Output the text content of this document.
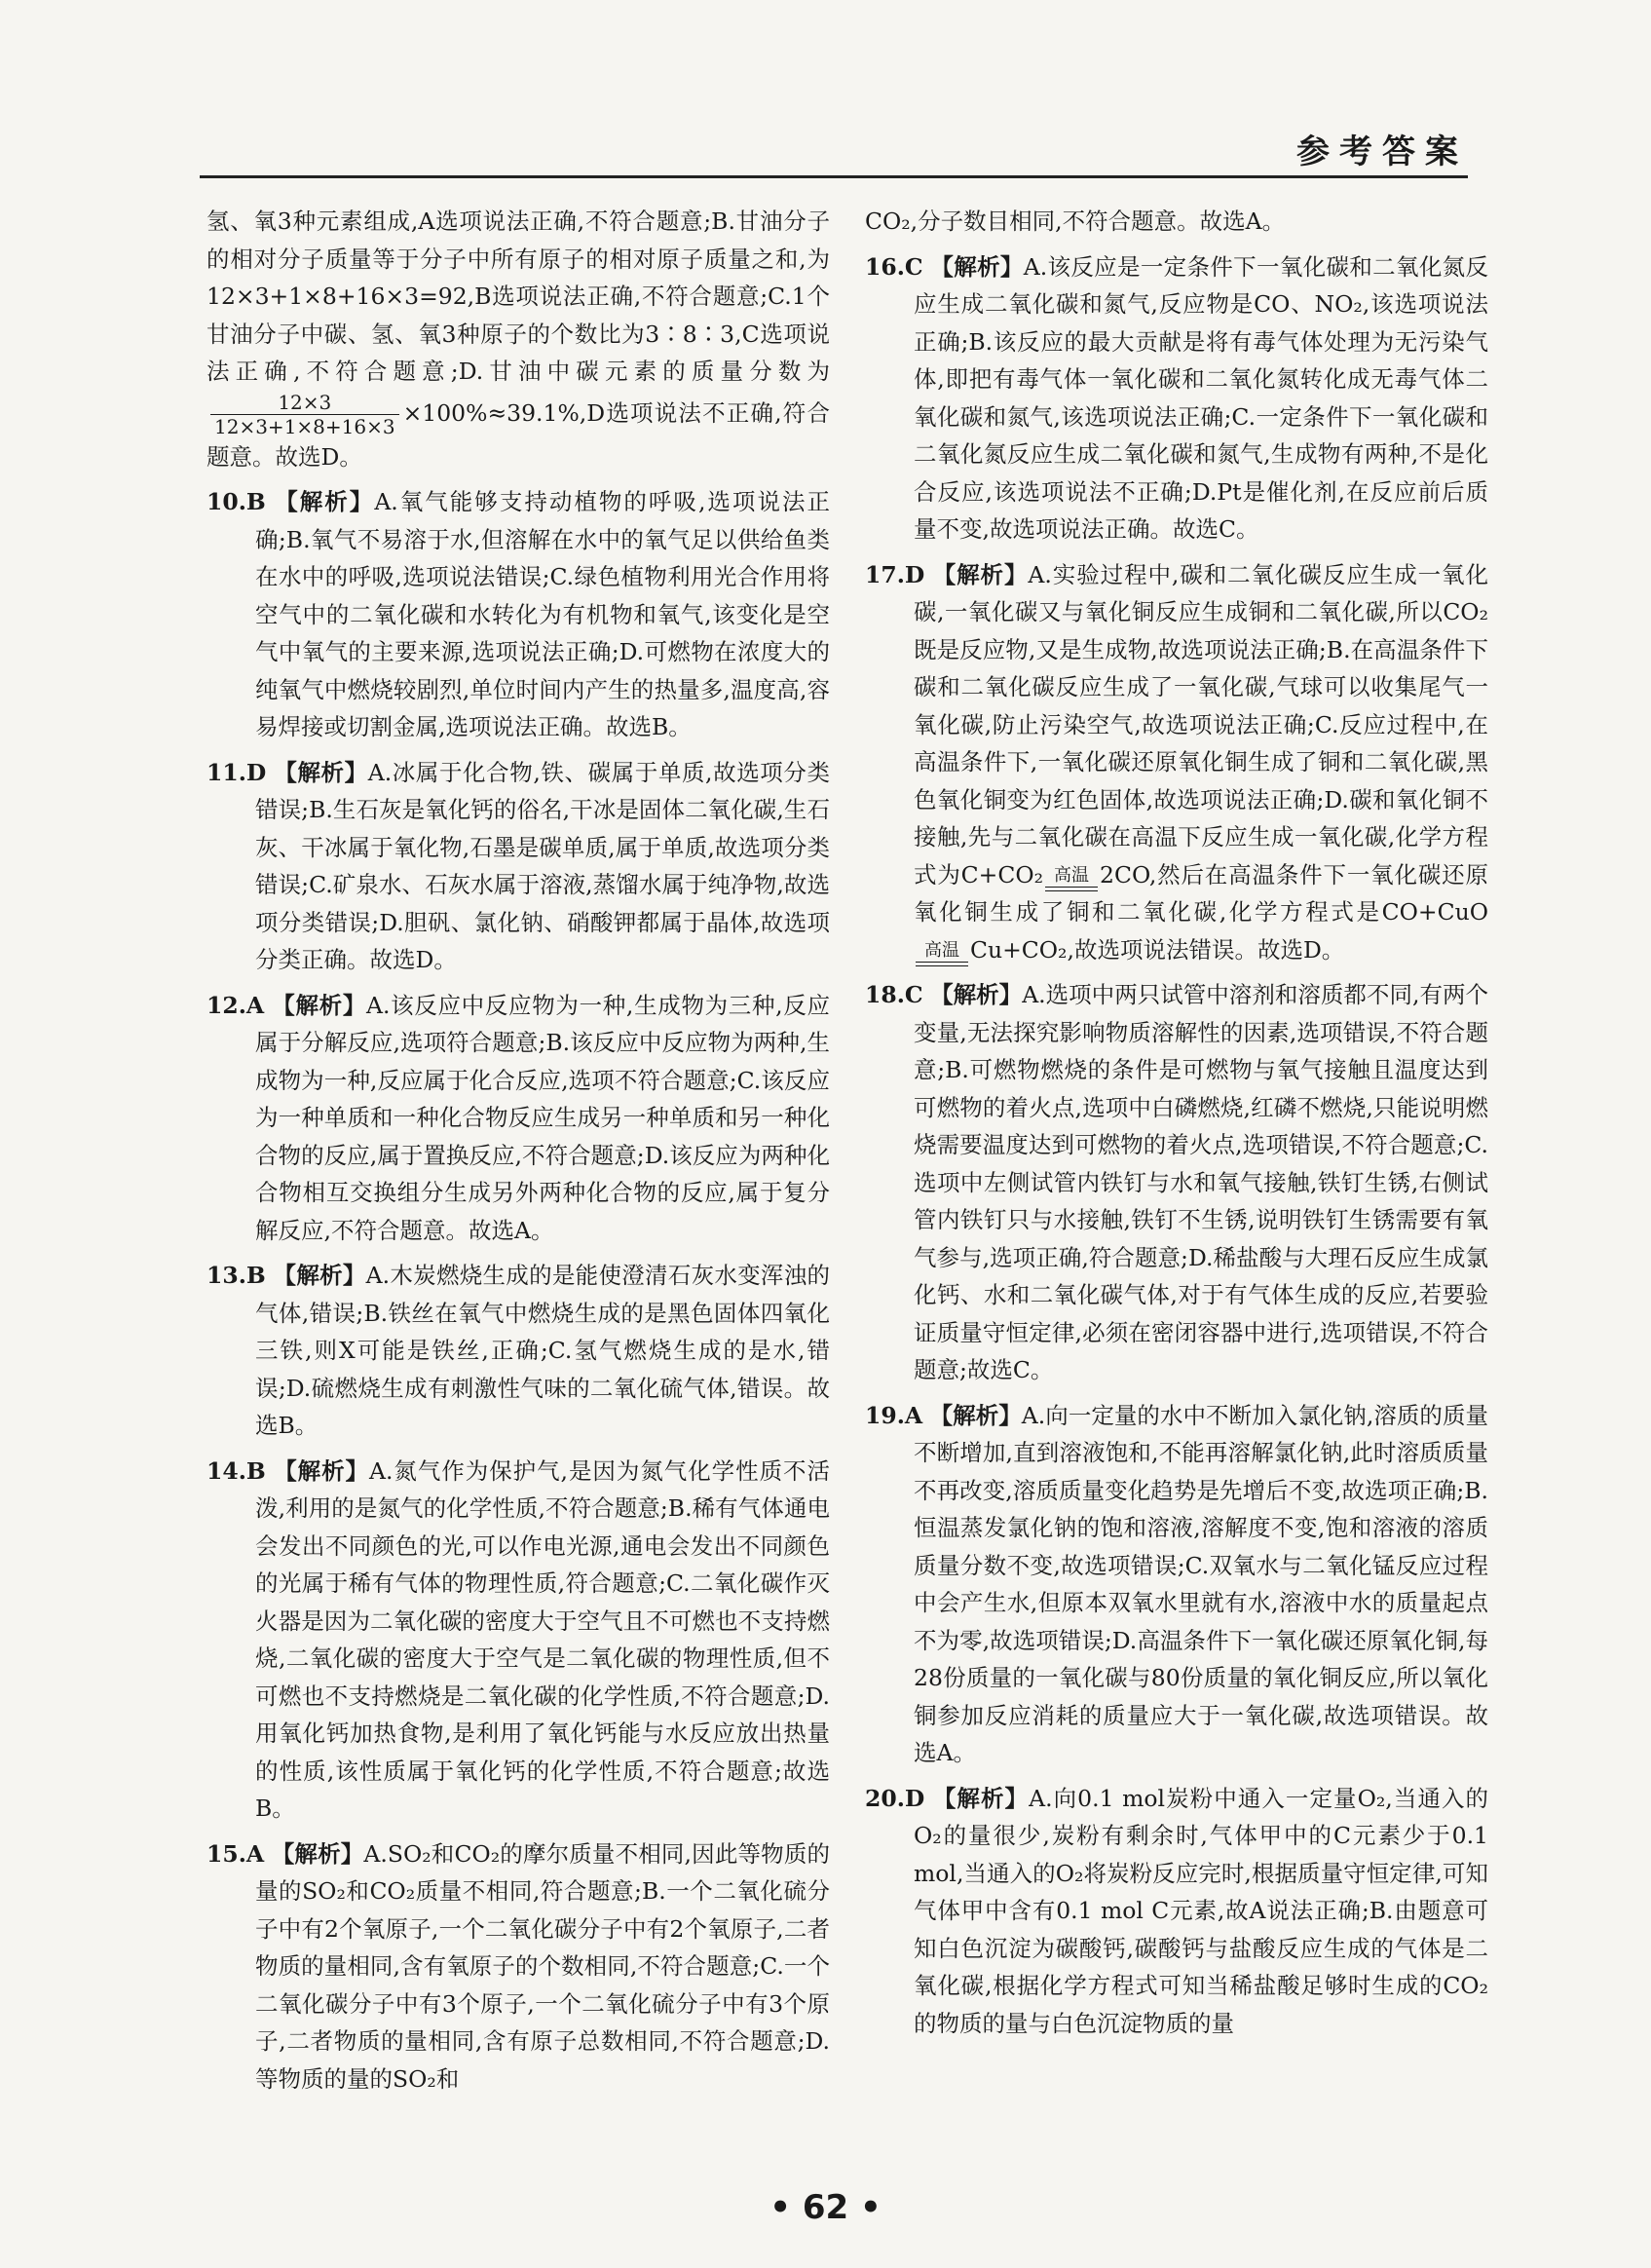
参考答案

氢、氧3种元素组成,A选项说法正确,不符合题意;B.甘油分子的相对分子质量等于分子中所有原子的相对原子质量之和,为12×3+1×8+16×3=92,B选项说法正确,不符合题意;C.1个甘油分子中碳、氢、氧3种原子的个数比为3∶8∶3,C选项说法正确,不符合题意;D.甘油中碳元素的质量分数为
$\frac{12\times 3}{12\times 3+1\times 8+16\times 3} \times 100\%\approx 39.1\%,D$选项说法不正确,符合题意。故选D。

10.B 【解析】A.氧气能够支持动植物的呼吸,选项说法正确;B.氧气不易溶于水,但溶解在水中的氧气足以供给鱼类在水中的呼吸,选项说法错误;C.绿色植物利用光合作用将空气中的二氧化碳和水转化为有机物和氧气,该变化是空气中氧气的主要来源,选项说法正确;D.可燃物在浓度大的纯氧气中燃烧较剧烈,单位时间内产生的热量多,温度高,容易焊接或切割金属,选项说法正确。故选B。

11.D 【解析】A.冰属于化合物,铁、碳属于单质,故选项分类错误;B.生石灰是氧化钙的俗名,干冰是固体二氧化碳,生石灰、干冰属于氧化物,石墨是碳单质,属于单质,故选项分类错误;C.矿泉水、石灰水属于溶液,蒸馏水属于纯净物,故选项分类错误;D.胆矾、氯化钠、硝酸钾都属于晶体,故选项分类正确。故选D。

12.A 【解析】A.该反应中反应物为一种,生成物为三种,反应属于分解反应,选项符合题意;B.该反应中反应物为两种,生成物为一种,反应属于化合反应,选项不符合题意;C.该反应为一种单质和一种化合物反应生成另一种单质和另一种化合物的反应,属于置换反应,不符合题意;D.该反应为两种化合物相互交换组分生成另外两种化合物的反应,属于复分解反应,不符合题意。故选A。

13.B 【解析】A.木炭燃烧生成的是能使澄清石灰水变浑浊的气体,错误;B.铁丝在氧气中燃烧生成的是黑色固体四氧化三铁,则X可能是铁丝,正确;C.氢气燃烧生成的是水,错误;D.硫燃烧生成有刺激性气味的二氧化硫气体,错误。故选B。

14.B 【解析】A.氮气作为保护气,是因为氮气化学性质不活泼,利用的是氮气的化学性质,不符合题意;B.稀有气体通电会发出不同颜色的光,可以作电光源,通电会发出不同颜色的光属于稀有气体的物理性质,符合题意;C.二氧化碳作灭火器是因为二氧化碳的密度大于空气且不可燃也不支持燃烧,二氧化碳的密度大于空气是二氧化碳的物理性质,但不可燃也不支持燃烧是二氧化碳的化学性质,不符合题意;D.用氧化钙加热食物,是利用了氧化钙能与水反应放出热量的性质,该性质属于氧化钙的化学性质,不符合题意;故选B。

15.A 【解析】A.SO₂和CO₂的摩尔质量不相同,因此等物质的量的SO₂和CO₂质量不相同,符合题意;B.一个二氧化硫分子中有2个氧原子,一个二氧化碳分子中有2个氧原子,二者物质的量相同,含有氧原子的个数相同,不符合题意;C.一个二氧化碳分子中有3个原子,一个二氧化硫分子中有3个原子,二者物质的量相同,含有原子总数相同,不符合题意;D.等物质的量的SO₂和

CO₂,分子数目相同,不符合题意。故选A。

16.C 【解析】A.该反应是一定条件下一氧化碳和二氧化氮反应生成二氧化碳和氮气,反应物是CO、NO₂,该选项说法正确;B.该反应的最大贡献是将有毒气体处理为无污染气体,即把有毒气体一氧化碳和二氧化氮转化成无毒气体二氧化碳和氮气,该选项说法正确;C.一定条件下一氧化碳和二氧化氮反应生成二氧化碳和氮气,生成物有两种,不是化合反应,该选项说法不正确;D.Pt是催化剂,在反应前后质量不变,故选项说法正确。故选C。

17.D 【解析】A.实验过程中,碳和二氧化碳反应生成一氧化碳,一氧化碳又与氧化铜反应生成铜和二氧化碳,所以CO₂既是反应物,又是生成物,故选项说法正确;B.在高温条件下碳和二氧化碳反应生成了一氧化碳,气球可以收集尾气一氧化碳,防止污染空气,故选项说法正确;C.反应过程中,在高温条件下,一氧化碳还原氧化铜生成了铜和二氧化碳,黑色氧化铜变为红色固体,故选项说法正确;D.碳和氧化铜不接触,先与二氧化碳在高温下反应生成一氧化碳,化学方程式为C+CO₂ 高温 2CO,然后在高温条件下一氧化碳还原氧化铜生成了铜和二氧化碳,化学方程式是CO+CuO
高温 Cu+CO₂,故选项说法错误。故选D。

18.C 【解析】A.选项中两只试管中溶剂和溶质都不同,有两个变量,无法探究影响物质溶解性的因素,选项错误,不符合题意;B.可燃物燃烧的条件是可燃物与氧气接触且温度达到可燃物的着火点,选项中白磷燃烧,红磷不燃烧,只能说明燃烧需要温度达到可燃物的着火点,选项错误,不符合题意;C.选项中左侧试管内铁钉与水和氧气接触,铁钉生锈,右侧试管内铁钉只与水接触,铁钉不生锈,说明铁钉生锈需要有氧气参与,选项正确,符合题意;D.稀盐酸与大理石反应生成氯化钙、水和二氧化碳气体,对于有气体生成的反应,若要验证质量守恒定律,必须在密闭容器中进行,选项错误,不符合题意;故选C。

19.A 【解析】A.向一定量的水中不断加入氯化钠,溶质的质量不断增加,直到溶液饱和,不能再溶解氯化钠,此时溶质质量不再改变,溶质质量变化趋势是先增后不变,故选项正确;B.恒温蒸发氯化钠的饱和溶液,溶解度不变,饱和溶液的溶质质量分数不变,故选项错误;C.双氧水与二氧化锰反应过程中会产生水,但原本双氧水里就有水,溶液中水的质量起点不为零,故选项错误;D.高温条件下一氧化碳还原氧化铜,每28份质量的一氧化碳与80份质量的氧化铜反应,所以氧化铜参加反应消耗的质量应大于一氧化碳,故选项错误。故选A。

20.D 【解析】A.向0.1 mol炭粉中通入一定量O₂,当通入的O₂的量很少,炭粉有剩余时,气体甲中的C元素少于0.1 mol,当通入的O₂将炭粉反应完时,根据质量守恒定律,可知气体甲中含有0.1 mol C元素,故A说法正确;B.由题意可知白色沉淀为碳酸钙,碳酸钙与盐酸反应生成的气体是二氧化碳,根据化学方程式可知当稀盐酸足够时生成的CO₂的物质的量与白色沉淀物质的量

• 62 •
